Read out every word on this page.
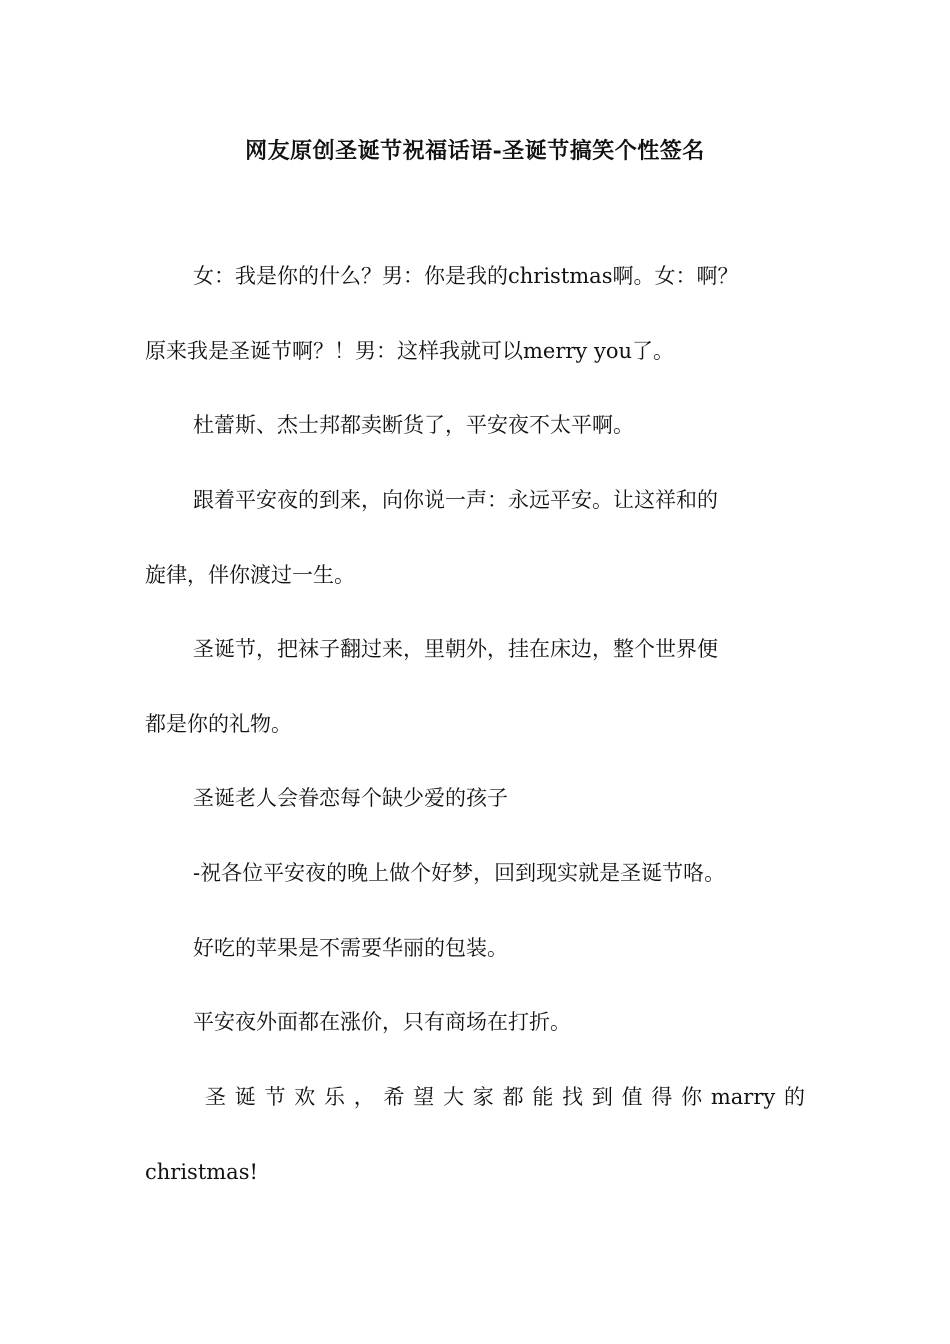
网友原创圣诞节祝福话语-圣诞节搞笑个性签名
女：我是你的什么？男：你是我的christmas啊。女：啊？
原来我是圣诞节啊？！男：这样我就可以merry you了。
杜蕾斯、杰士邦都卖断货了，平安夜不太平啊。
跟着平安夜的到来，向你说一声：永远平安。让这祥和的
旋律，伴你渡过一生。
圣诞节，把袜子翻过来，里朝外，挂在床边，整个世界便
都是你的礼物。
圣诞老人会眷恋每个缺少爱的孩子
-祝各位平安夜的晚上做个好梦，回到现实就是圣诞节咯。
好吃的苹果是不需要华丽的包装。
平安夜外面都在涨价，只有商场在打折。
圣诞节欢乐，希望大家都能找到值得你marry的
christmas!
